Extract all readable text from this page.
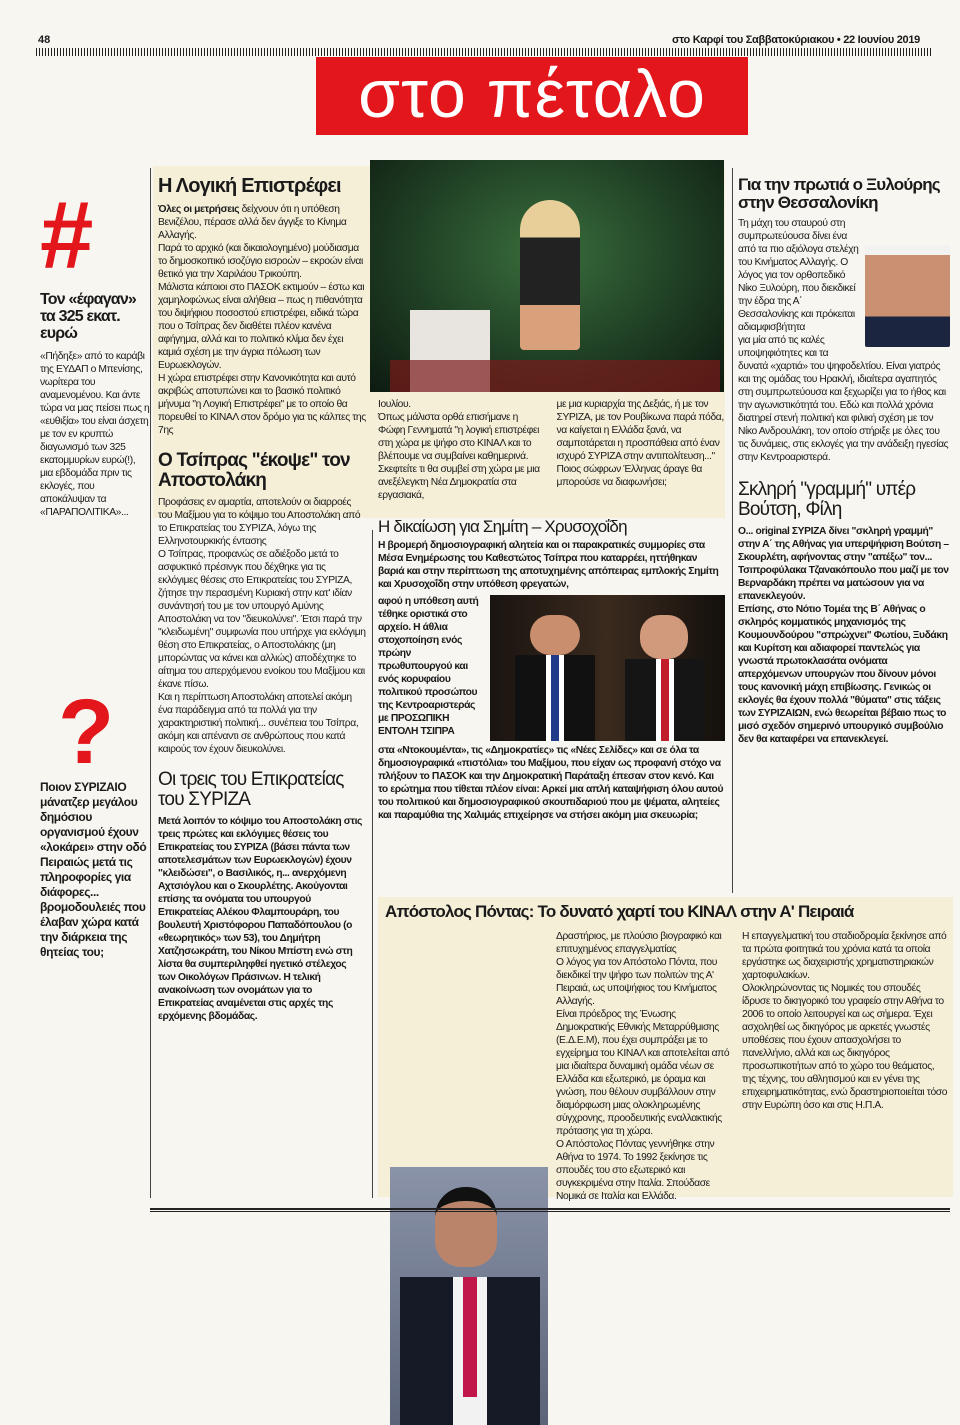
48	στο Καρφί του Σαββατοκύριακου • 22 Ιουνίου 2019
στο πέταλο
#
Τον «έφαγαν» τα 325 εκατ. ευρώ
«Πήδηξε» από το καράβι της ΕΥΔΑΠ ο Μπενίσης, νωρίτερα του αναμενομένου. Και άντε τώρα να μας πείσει πως η «ευθιξία» του είναι άσχετη με τον εν κρυπτώ διαγωνισμό των 325 εκατομμυρίων ευρώ(!), μια εβδομάδα πριν τις εκλογές, που αποκάλυψαν τα «ΠΑΡΑΠΟΛΙΤΙΚΑ»...
?
Ποιον ΣΥΡΙΖΑΙΟ μάνατζερ μεγάλου δημόσιου οργανισμού έχουν «λοκάρει» στην οδό Πειραιώς μετά τις πληροφορίες για διάφορες... βρομοδουλειές που έλαβαν χώρα κατά την διάρκεια της θητείας του;
Η Λογική Επιστρέφει

Όλες οι μετρήσεις δείχνουν ότι η υπόθεση Βενιζέλου, πέρασε αλλά δεν άγγιξε το Κίνημα Αλλαγής.

Παρά το αρχικό (και δικαιολογημένο) μούδιασμα το δημοσκοπικό ισοζύγιο εισροών – εκροών είναι θετικό για την Χαριλάου Τρικούπη.

Μάλιστα κάποιοι στο ΠΑΣΟΚ εκτιμούν – έστω και χαμηλοφώνως είναι αλήθεια – πως η πιθανότητα του διψήφιου ποσοστού επιστρέφει, ειδικά τώρα που ο Τσίπρας δεν διαθέτει πλέον κανένα αφήγημα, αλλά και το πολιτικό κλίμα δεν έχει καμιά σχέση με την άγρια πόλωση των Ευρωεκλογών.

Η χώρα επιστρέφει στην Κανονικότητα και αυτό ακριβώς αποτυπώνει και το βασικό πολιτικό μήνυμα "η Λογική Επιστρέφει" με το οποίο θα πορευθεί το ΚΙΝΑΛ στον δρόμο για τις κάλπες της 7ης

Ο Τσίπρας "έκοψε" τον Αποστολάκη

Προφάσεις εν αμαρτία, αποτελούν οι διαρροές του Μαξίμου για το κόψιμο του Αποστολάκη από το Επικρατείας του ΣΥΡΙΖΑ, λόγω της Ελληνοτουρκικής έντασης

Ο Τσίπρας, προφανώς σε αδιέξοδο μετά το ασφυκτικό πρέσινγκ που δέχθηκε για τις εκλόγιμες θέσεις στο Επικρατείας του ΣΥΡΙΖΑ, ζήτησε την περασμένη Κυριακή στην κατ' ιδίαν συνάντησή του με τον υπουργό Αμύνης Αποστολάκη να τον "διευκολύνει". Έτσι παρά την "κλειδωμένη" συμφωνία που υπήρχε για εκλόγιμη θέση στο Επικρατείας, ο Αποστολάκης (μη μπορώντας να κάνει και αλλιώς) αποδέχτηκε το αίτημα του απερχόμενου ενοίκου του Μαξίμου και έκανε πίσω.

Και η περίπτωση Αποστολάκη αποτελεί ακόμη ένα παράδειγμα από τα πολλά για την χαρακτηριστική πολιτική... συνέπεια του Τσίπρα, ακόμη και απέναντι σε ανθρώπους που κατά καιρούς τον έχουν διευκολύνει.

Οι τρεις του Επικρατείας του ΣΥΡΙΖΑ
Μετά λοιπόν το κόψιμο του Αποστολάκη στις τρεις πρώτες και εκλόγιμες θέσεις του Επικρατείας του ΣΥΡΙΖΑ (βάσει πάντα των αποτελεσμάτων των Ευρωεκλογών) έχουν "κλειδώσει", ο Βασιλικός, η... ανερχόμενη Αχτσιόγλου και ο Σκουρλέτης. Ακούγονται επίσης τα ονόματα του υπουργού Επικρατείας Αλέκου Φλαμπουράρη, του βουλευτή Χριστόφορου Παπαδόπουλου (ο «θεωρητικός» των 53), του Δημήτρη Χατζησωκράτη, του Νίκου Μπίστη ενώ στη λίστα θα συμπεριληφθεί ηγετικό στέλεχος των Οικολόγων Πράσινων. Η τελική ανακοίνωση των ονομάτων για το Επικρατείας αναμένεται στις αρχές της ερχόμενης βδομάδας.

Ιουλίου.

Όπως μάλιστα ορθά επισήμανε η Φώφη Γεννηματά "η λογική επιστρέφει στη χώρα με ψήφο στο ΚΙΝΑΛ και το βλέπουμε να συμβαίνει καθημερινά. Σκεφτείτε τι θα συμβεί στη χώρα με μια ανεξέλεγκτη Νέα Δημοκρατία στα εργασιακά,

με μια κυριαρχία της Δεξιάς, ή με τον ΣΥΡΙΖΑ, με τον Ρουβίκωνα παρά πόδα, να καίγεται η Ελλάδα ξανά, να σαμποτάρεται η προσπάθεια από έναν ισχυρό ΣΥΡΙΖΑ στην αντιπολίτευση..."

Ποιος σώφρων Έλληνας άραγε θα μπορούσε να διαφωνήσει;

Η δικαίωση για Σημίτη – Χρυσοχοΐδη
Η βρομερή δημοσιογραφική αλητεία και οι παρακρατικές συμμορίες στα Μέσα Ενημέρωσης του Καθεστώτος Τσίπρα που καταρρέει, ηττήθηκαν βαριά και στην περίπτωση της αποτυχημένης απόπειρας εμπλοκής Σημίτη και Χρυσοχοΐδη στην υπόθεση φρεγατών,
αφού η υπόθεση αυτή τέθηκε οριστικά στο αρχείο. Η άθλια στοχοποίηση ενός πρώην πρωθυπουργού και ενός κορυφαίου πολιτικού προσώπου της Κεντροαριστεράς με ΠΡΟΣΩΠΙΚΗ ΕΝΤΟΛΗ ΤΣΙΠΡΑ
στα «Ντοκουμέντα», τις «Δημοκρατίες» τις «Νέες Σελίδες» και σε όλα τα δημοσιογραφικά «πιστόλια» του Μαξίμου, που είχαν ως προφανή στόχο να πλήξουν το ΠΑΣΟΚ και την Δημοκρατική Παράταξη έπεσαν στον κενό. Και το ερώτημα που τίθεται πλέον είναι: Αρκεί μια απλή καταψήφιση όλου αυτού του πολιτικού και δημοσιογραφικού σκουπιδαριού που με ψέματα, αλητείες και παραμύθια της Χαλιμάς επιχείρησε να στήσει ακόμη μια σκευωρία;
Για την πρωτιά ο Ξυλούρης στην Θεσσαλονίκη

Τη μάχη του σταυρού στη συμπρωτεύουσα δίνει ένα από τα πιο αξιόλογα στελέχη του Κινήματος Αλλαγής. Ο λόγος για τον ορθοπεδικό Νίκο Ξυλούρη, που διεκδικεί την έδρα της Α΄ Θεσσαλονίκης και πρόκειται αδιαμφισβήτητα

για μία από τις καλές υποψηφιότητες και τα δυνατά «χαρτιά» του ψηφοδελτίου. Είναι γιατρός και της ομάδας του Ηρακλή, ιδιαίτερα αγαπητός στη συμπρωτεύουσα και ξεχωρίζει για το ήθος και την αγωνιστικότητά του. Εδώ και πολλά χρόνια διατηρεί στενή πολιτική και φιλική σχέση με τον Νίκο Ανδρουλάκη, τον οποίο στήριξε με όλες του τις δυνάμεις, στις εκλογές για την ανάδειξη ηγεσίας στην Κεντροαριστερά.

Σκληρή "γραμμή" υπέρ Βούτση, Φίλη

Ο... original ΣΥΡΙΖΑ δίνει "σκληρή γραμμή" στην Α΄ της Αθήνας για υπερψήφιση Βούτση – Σκουρλέτη, αφήνοντας στην "απέξω" τον... Τσιπροφύλακα Τζανακόπουλο που μαζί με τον Βερναρδάκη πρέπει να ματώσουν για να επανεκλεγούν.

Επίσης, στο Νότιο Τομέα της Β΄ Αθήνας ο σκληρός κομματικός μηχανισμός της Κουμουνδούρου "σπρώχνει" Φωτίου, Ξυδάκη και Κυρίτση και αδιαφορεί παντελώς για γνωστά πρωτοκλασάτα ονόματα απερχόμενων υπουργών που δίνουν μόνοι τους κανονική μάχη επιβίωσης. Γενικώς οι εκλογές θα έχουν πολλά "θύματα" στις τάξεις των ΣΥΡΙΖΑΙΩΝ, ενώ θεωρείται βέβαιο πως το μισό σχεδόν σημερινό υπουργικό συμβούλιο δεν θα καταφέρει να επανεκλεγεί.

Απόστολος Πόντας: Το δυνατό χαρτί του ΚΙΝΑΛ στην Α' Πειραιά

Δραστήριος, με πλούσιο βιογραφικό και επιτυχημένος επαγγελματίας

Ο λόγος για τον Απόστολο Πόντα, που διεκδικεί την ψήφο των πολιτών της Α' Πειραιά, ως υποψήφιος του Κινήματος Αλλαγής.

Είναι πρόεδρος της Ένωσης Δημοκρατικής Εθνικής Μεταρρύθμισης (Ε.Δ.Ε.Μ), που έχει συμπράξει με το εγχείρημα του ΚΙΝΑΛ και αποτελείται από μια ιδιαίτερα δυναμική ομάδα νέων σε Ελλάδα και εξωτερικό, με όραμα και γνώση, που θέλουν συμβάλλουν στην διαμόρφωση μιας ολοκληρωμένης σύγχρονης, προοδευτικής εναλλακτικής πρότασης για τη χώρα.

Ο Απόστολος Πόντας γεννήθηκε στην Αθήνα το 1974. Το 1992 ξεκίνησε τις σπουδές του στο εξωτερικό και συγκεκριμένα στην Ιταλία. Σπούδασε Νομικά σε Ιταλία και Ελλάδα.

Η επαγγελματική του σταδιοδρομία ξεκίνησε από τα πρώτα φοιτητικά του χρόνια κατά τα οποία εργάστηκε ως διαχειριστής χρηματιστηριακών χαρτοφυλακίων.

Ολοκληρώνοντας τις Νομικές του σπουδές ίδρυσε το δικηγορικό του γραφείο στην Αθήνα το 2006 το οποίο λειτουργεί και ως σήμερα. Έχει ασχοληθεί ως δικηγόρος με αρκετές γνωστές υποθέσεις που έχουν απασχολήσει το πανελλήνιο, αλλά και ως δικηγόρος προσωπικοτήτων από το χώρο του θεάματος, της τέχνης, του αθλητισμού και εν γένει της επιχειρηματικότητας, ενώ δραστηριοποιείται τόσο στην Ευρώπη όσο και στις Η.Π.Α.
